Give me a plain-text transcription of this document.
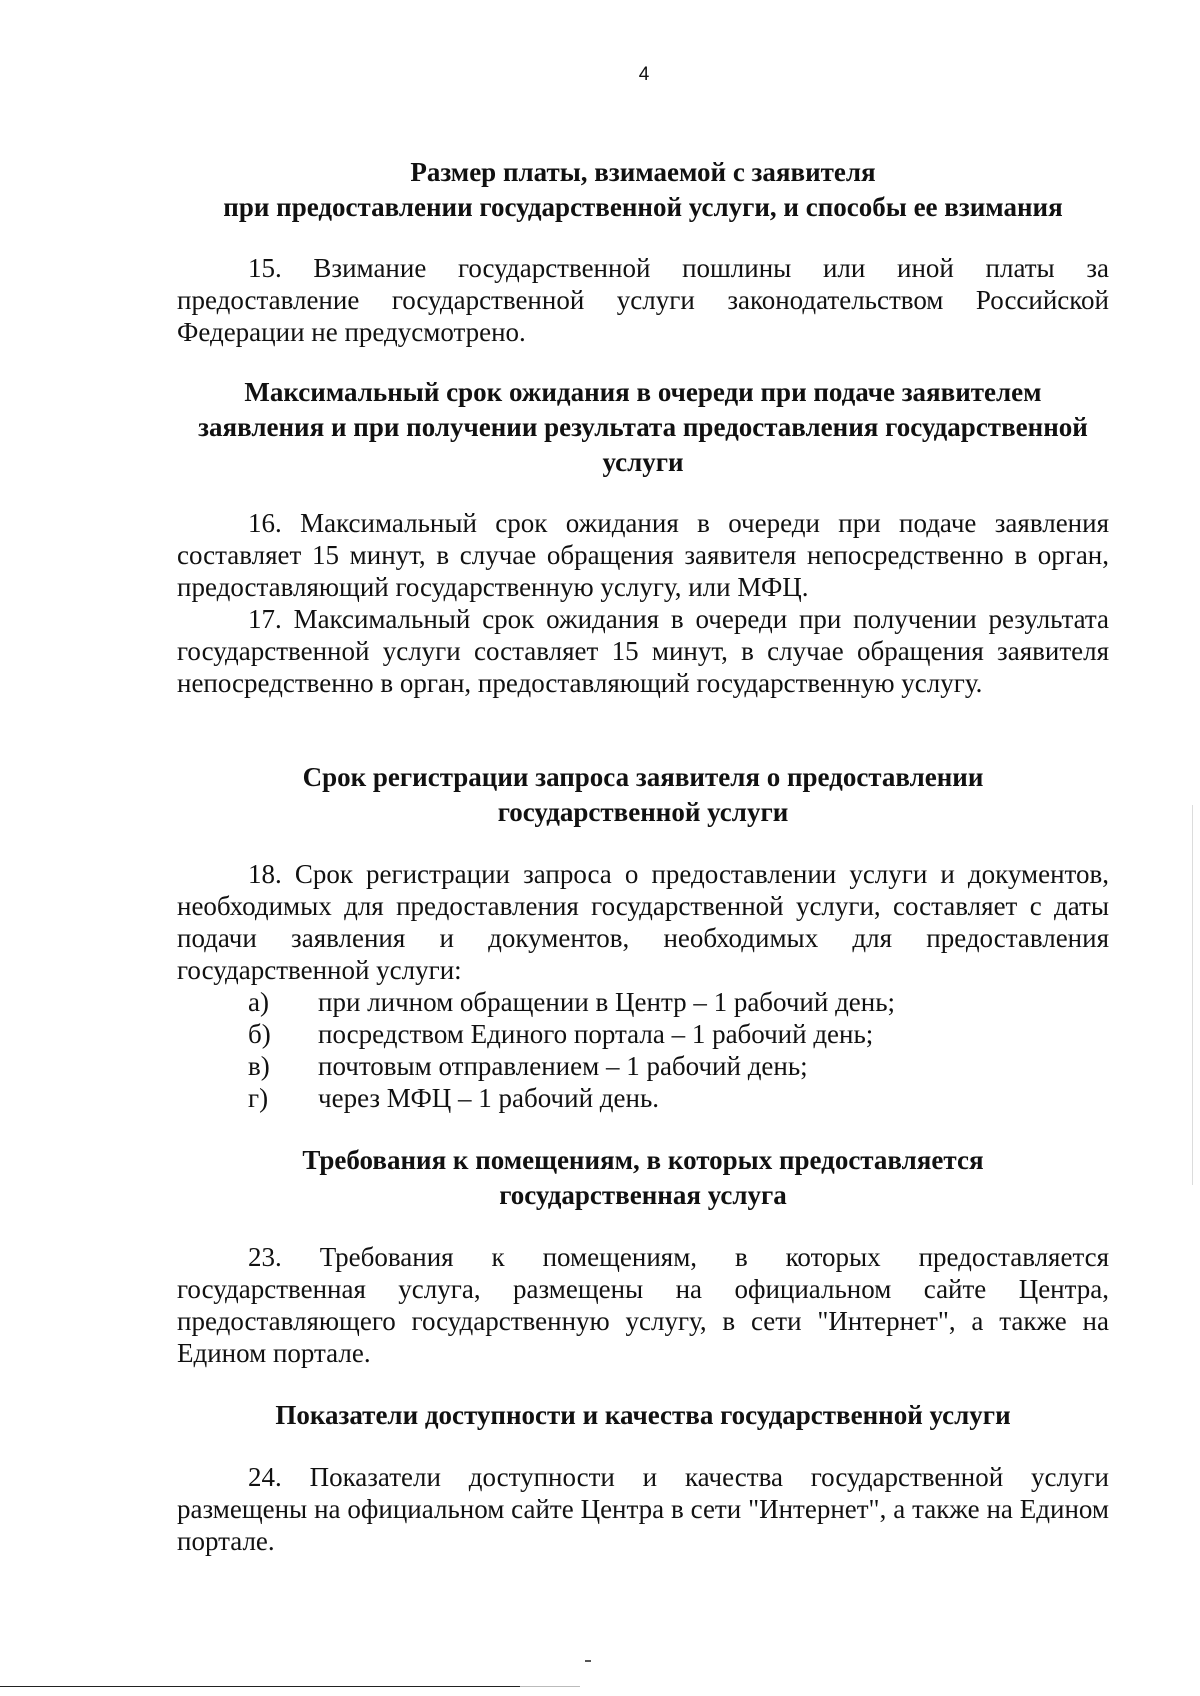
4
Размер платы, взимаемой с заявителя
при предоставлении государственной услуги, и способы ее взимания

15. Взимание государственной пошлины или иной платы за предоставление государственной услуги законодательством Российской Федерации не предусмотрено.

Максимальный срок ожидания в очереди при подаче заявителем
заявления и при получении результата предоставления государственной
услуги

16. Максимальный срок ожидания в очереди при подаче заявления составляет 15 минут, в случае обращения заявителя непосредственно в орган, предоставляющий государственную услугу, или МФЦ.

17. Максимальный срок ожидания в очереди при получении результата государственной услуги составляет 15 минут, в случае обращения заявителя непосредственно в орган, предоставляющий государственную услугу.

Срок регистрации запроса заявителя о предоставлении
государственной услуги

18. Срок регистрации запроса о предоставлении услуги и документов, необходимых для предоставления государственной услуги, составляет с даты подачи заявления и документов, необходимых для предоставления государственной услуги:

а)	при личном обращении в Центр – 1 рабочий день;
б)	посредством Единого портала – 1 рабочий день;
в)	почтовым отправлением – 1 рабочий день;
г)	через МФЦ – 1 рабочий день.
Требования к помещениям, в которых предоставляется
государственная услуга

23. Требования к помещениям, в которых предоставляется государственная услуга, размещены на официальном сайте Центра, предоставляющего государственную услугу, в сети "Интернет", а также на Едином портале.

Показатели доступности и качества государственной услуги

24. Показатели доступности и качества государственной услуги размещены на официальном сайте Центра в сети "Интернет", а также на Едином портале.
